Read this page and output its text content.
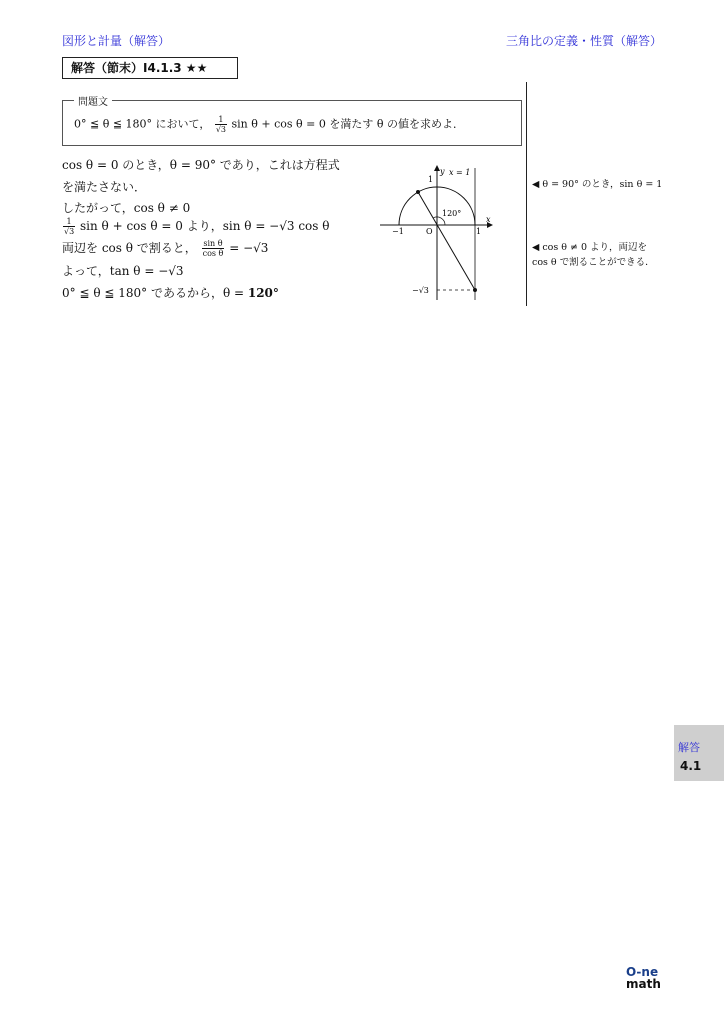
図形と計量（解答）	三角比の定義・性質（解答）
解答（節末）I4.1.3 ★★
問題文
0° ≦ θ ≦ 180° において， $\frac{1}{√3}$ sin θ + cos θ = 0 を満たす θ の値を求めよ．
cos θ = 0 のとき，θ = 90° であり，これは方程式
を満たさない．
したがって，cos θ ≠ 0
$\frac{1}{√3}$ sin θ + cos θ = 0 より，sin θ = −√3 cos θ
両辺を cos θ で割ると， $\frac{\text{sin θ}}{\text{cos θ}} = -√3$
よって，tan θ = −√3
0° ≦ θ ≦ 180° であるから，θ = 120°
◀ θ = 90° のとき，sin θ = 1
◀ cos θ ≠ 0 より，両辺を
cos θ で割ることができる．
y x = 1
x
1
−1	O	1
120°
−√3
解答
4.1
O-ne
math
